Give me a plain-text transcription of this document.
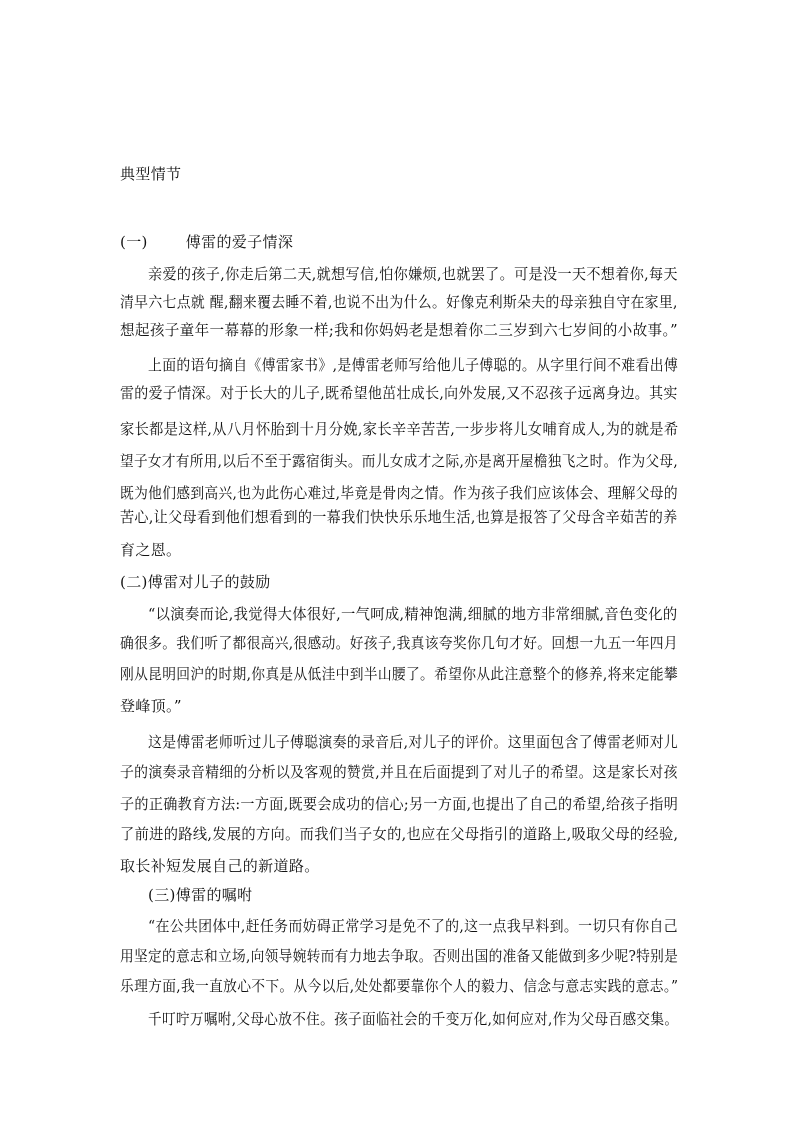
典型情节
(一)	傅雷的爱子情深
亲爱的孩子,你走后第二天,就想写信,怕你嫌烦,也就罢了。可是没一天不想着你,每天
清早六七点就 醒,翻来覆去睡不着,也说不出为什么。好像克利斯朵夫的母亲独自守在家里,
想起孩子童年一幕幕的形象一样;我和你妈妈老是想着你二三岁到六七岁间的小故事。”
上面的语句摘自《傅雷家书》,是傅雷老师写给他儿子傅聪的。从字里行间不难看出傅
雷的爱子情深。对于长大的儿子,既希望他茁壮成长,向外发展,又不忍孩子远离身边。其实
家长都是这样,从八月怀胎到十月分娩,家长辛辛苦苦,一步步将儿女哺育成人,为的就是希
望子女才有所用,以后不至于露宿街头。而儿女成才之际,亦是离开屋檐独飞之时。作为父母,
既为他们感到高兴,也为此伤心难过,毕竟是骨肉之情。作为孩子我们应该体会、理解父母的
苦心,让父母看到他们想看到的一幕我们快快乐乐地生活,也算是报答了父母含辛茹苦的养
育之恩。
(二)傅雷对儿子的鼓励
“以演奏而论,我觉得大体很好,一气呵成,精神饱满,细腻的地方非常细腻,音色变化的
确很多。我们听了都很高兴,很感动。好孩子,我真该夸奖你几句才好。回想一九五一年四月
刚从昆明回沪的时期,你真是从低洼中到半山腰了。希望你从此注意整个的修养,将来定能攀
登峰顶。”
这是傅雷老师听过儿子傅聪演奏的录音后,对儿子的评价。这里面包含了傅雷老师对儿
子的演奏录音精细的分析以及客观的赞赏,并且在后面提到了对儿子的希望。这是家长对孩
子的正确教育方法:一方面,既要会成功的信心;另一方面,也提出了自己的希望,给孩子指明
了前进的路线,发展的方向。而我们当子女的,也应在父母指引的道路上,吸取父母的经验,
取长补短发展自己的新道路。
(三)傅雷的嘱咐
“在公共团体中,赶任务而妨碍正常学习是免不了的,这一点我早料到。一切只有你自己
用坚定的意志和立场,向领导婉转而有力地去争取。否则出国的准备又能做到多少呢?特别是
乐理方面,我一直放心不下。从今以后,处处都要靠你个人的毅力、信念与意志实践的意志。”
千叮咛万嘱咐,父母心放不住。孩子面临社会的千变万化,如何应对,作为父母百感交集。
